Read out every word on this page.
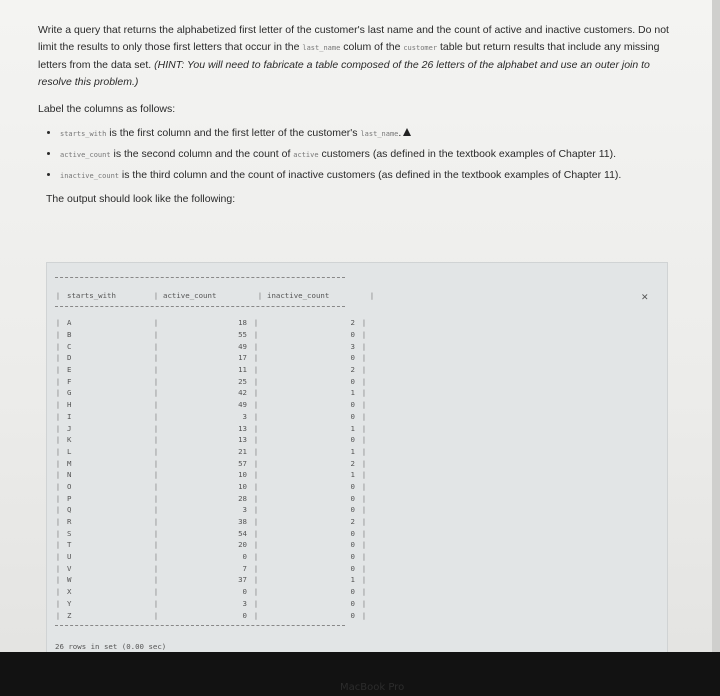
Write a query that returns the alphabetized first letter of the customer's last name and the count of active and inactive customers. Do not limit the results to only those first letters that occur in the last_name colum of the customer table but return results that include any missing letters from the data set. (HINT: You will need to fabricate a table composed of the 26 letters of the alphabet and use an outer join to resolve this problem.)

Label the columns as follows:

• starts_with is the first column and the first letter of the customer's last_name.
• active_count is the second column and the count of active customers (as defined in the textbook examples of Chapter 11).
• inactive_count is the third column and the count of inactive customers (as defined in the textbook examples of Chapter 11).

The output should look like the following:

✕
| starts_with	| active_count	| inactive_count	|
| A	|	18 |	2 |
| B	|	55 |	0 |
| C	|	49 |	3 |
| D	|	17 |	0 |
| E	|	11 |	2 |
| F	|	25 |	0 |
| G	|	42 |	1 |
| H	|	49 |	0 |
| I	|	3 |	0 |
| J	|	13 |	1 |
| K	|	13 |	0 |
| L	|	21 |	1 |
| M	|	57 |	2 |
| N	|	10 |	1 |
| O	|	10 |	0 |
| P	|	28 |	0 |
| Q	|	3 |	0 |
| R	|	38 |	2 |
| S	|	54 |	0 |
| T	|	20 |	0 |
| U	|	0 |	0 |
| V	|	7 |	0 |
| W	|	37 |	1 |
| X	|	0 |	0 |
| Y	|	3 |	0 |
| Z	|	0 |	0 |
26 rows in set (0.00 sec)
MacBook Pro
